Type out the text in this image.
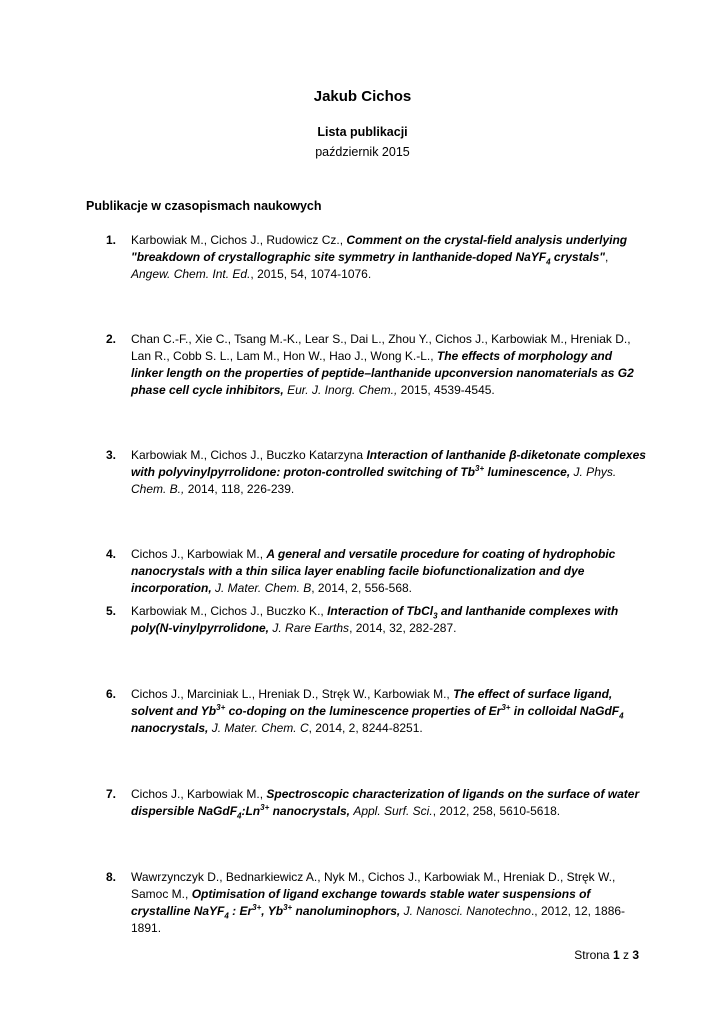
Jakub Cichos
Lista publikacji
październik 2015
Publikacje w czasopismach naukowych
1.	Karbowiak M., Cichos J., Rudowicz Cz., Comment on the crystal-field analysis underlying "breakdown of crystallographic site symmetry in lanthanide-doped NaYF$_4$ crystals", Angew. Chem. Int. Ed., 2015, 54, 1074-1076.
2.	Chan C.-F., Xie C., Tsang M.-K., Lear S., Dai L., Zhou Y., Cichos J., Karbowiak M., Hreniak D., Lan R., Cobb S. L., Lam M., Hon W., Hao J., Wong K.-L., The effects of morphology and linker length on the properties of peptide–lanthanide upconversion nanomaterials as G2 phase cell cycle inhibitors, Eur. J. Inorg. Chem., 2015, 4539-4545.
3.	Karbowiak M., Cichos J., Buczko Katarzyna Interaction of lanthanide β-diketonate complexes with polyvinylpyrrolidone: proton-controlled switching of $Tb^{3+}$ luminescence, J. Phys. Chem. B., 2014, 118, 226-239.
4.	Cichos J., Karbowiak M., A general and versatile procedure for coating of hydrophobic nanocrystals with a thin silica layer enabling facile biofunctionalization and dye incorporation, J. Mater. Chem. B, 2014, 2, 556-568.
5.	Karbowiak M., Cichos J., Buczko K., Interaction of TbCl$_3$ and lanthanide complexes with poly(N-vinylpyrrolidone, J. Rare Earths, 2014, 32, 282-287.
6.	Cichos J., Marciniak L., Hreniak D., Stręk W., Karbowiak M., The effect of surface ligand, solvent and $Yb^{3+}$ co-doping on the luminescence properties of $Er^{3+}$ in colloidal NaGdF$_4$ nanocrystals, J. Mater. Chem. C, 2014, 2, 8244-8251.
7.	Cichos J., Karbowiak M., Spectroscopic characterization of ligands on the surface of water dispersible $NaGdF_4:Ln^{3+}$ nanocrystals, Appl. Surf. Sci., 2012, 258, 5610-5618.
8.	Wawrzynczyk D., Bednarkiewicz A., Nyk M., Cichos J., Karbowiak M., Hreniak D., Stręk W., Samoc M., Optimisation of ligand exchange towards stable water suspensions of crystalline NaYF$_4$ : $Er^{3+}$, $Yb^{3+}$ nanoluminophors, J. Nanosci. Nanotechno., 2012, 12, 1886-1891.
Strona 1 z 3
